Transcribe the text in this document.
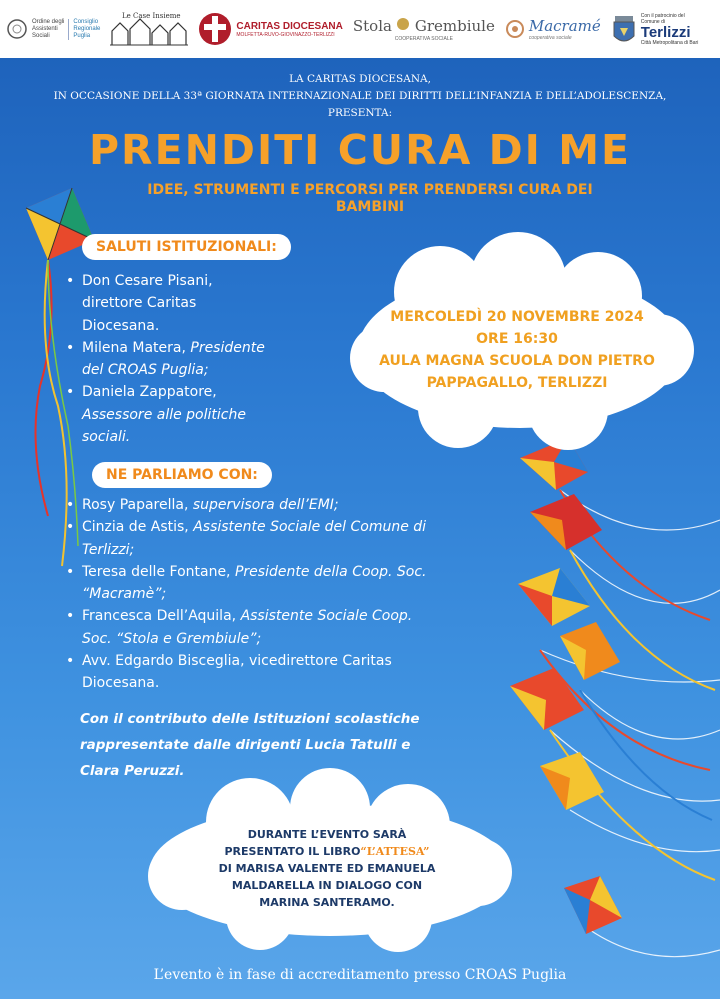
Ordine degli
Assistenti
Sociali
Consiglio
Regionale
Puglia
Le Case Insieme
CARITAS DIOCESANA
MOLFETTA-RUVO-GIOVINAZZO-TERLIZZI	Stola Grembiule
COOPERATIVA SOCIALE
Macramé
cooperativa sociale
Con il patrocinio del
Comune di
Terlizzi
Città Metropolitana di Bari
LA CARITAS DIOCESANA,
IN OCCASIONE DELLA 33ª GIORNATA INTERNAZIONALE DEI DIRITTI DELL’INFANZIA E DELL’ADOLESCENZA,
PRESENTA:
PRENDITI CURA DI ME
IDEE, STRUMENTI E PERCORSI PER PRENDERSI CURA DEI
BAMBINI
SALUTI ISTITUZIONALI:
• Don Cesare Pisani,
direttore Caritas
Diocesana.
• Milena Matera, Presidente
del CROAS Puglia;
• Daniela Zappatore,
Assessore alle politiche
sociali.
MERCOLEDÌ 20 NOVEMBRE 2024
ORE 16:30
AULA MAGNA SCUOLA DON PIETRO
PAPPAGALLO, TERLIZZI
NE PARLIAMO CON:
• Rosy Paparella, supervisora dell’EMI;
• Cinzia de Astis, Assistente Sociale del Comune di
Terlizzi;
• Teresa delle Fontane, Presidente della Coop. Soc.
“Macramè”;
• Francesca Dell’Aquila, Assistente Sociale Coop.
Soc. “Stola e Grembiule”;
• Avv. Edgardo Bisceglia, vicedirettore Caritas
Diocesana.
Con il contributo delle Istituzioni scolastiche
rappresentate dalle dirigenti Lucia Tatulli e
Clara Peruzzi.
DURANTE L’EVENTO SARÀ
PRESENTATO IL LIBRO“L’ATTESA”
DI MARISA VALENTE ED EMANUELA
MALDARELLA IN DIALOGO CON
MARINA SANTERAMO.
L’evento è in fase di accreditamento presso CROAS Puglia
